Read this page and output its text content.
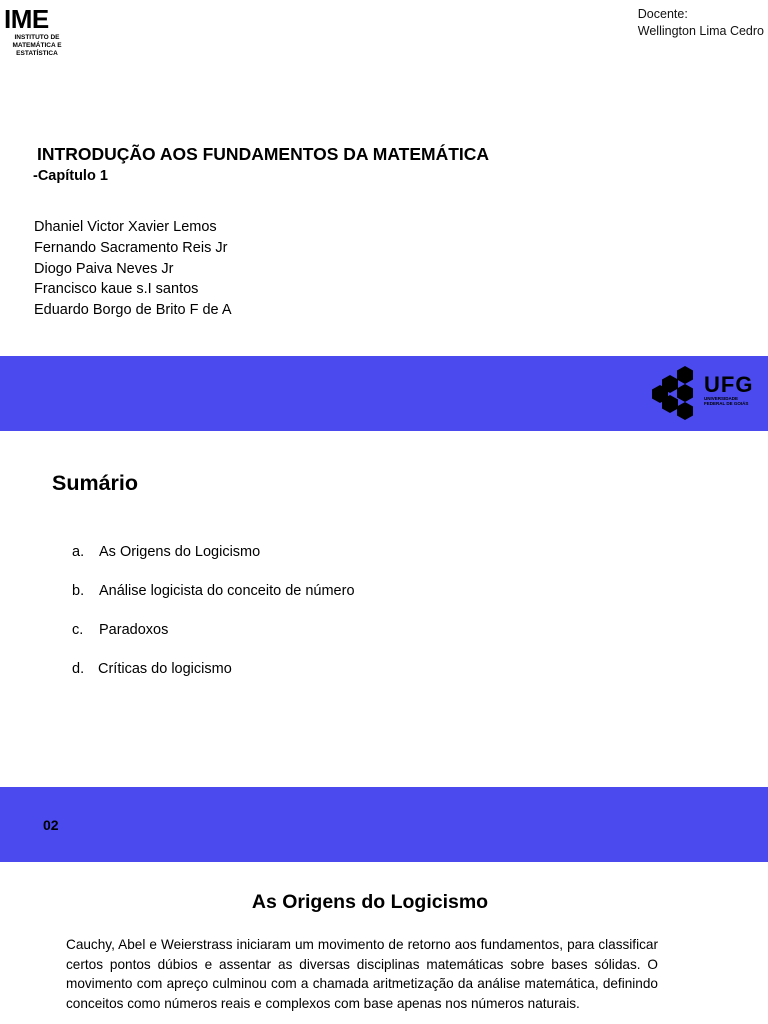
IME
INSTITUTO DE MATEMÁTICA E ESTATÍSTICA
Docente:
Wellington Lima Cedro
INTRODUÇÃO AOS FUNDAMENTOS DA MATEMÁTICA
-Capítulo 1
Dhaniel Victor Xavier Lemos
Fernando Sacramento Reis Jr
Diogo Paiva Neves Jr
Francisco kaue s.I santos
Eduardo Borgo de Brito F de A
UFG
UNIVERSIDADE FEDERAL DE GOIÁS
Sumário
a.	As Origens do Logicismo
b.	Análise logicista do conceito de número
c.	Paradoxos
d. Críticas do logicismo
02
As Origens do Logicismo
Cauchy, Abel e Weierstrass iniciaram um movimento de retorno aos fundamentos, para classificar certos pontos dúbios e assentar as diversas disciplinas matemáticas sobre bases sólidas. O movimento com apreço culminou com a chamada aritmetização da análise matemática, definindo conceitos como números reais e complexos com base apenas nos números naturais.
